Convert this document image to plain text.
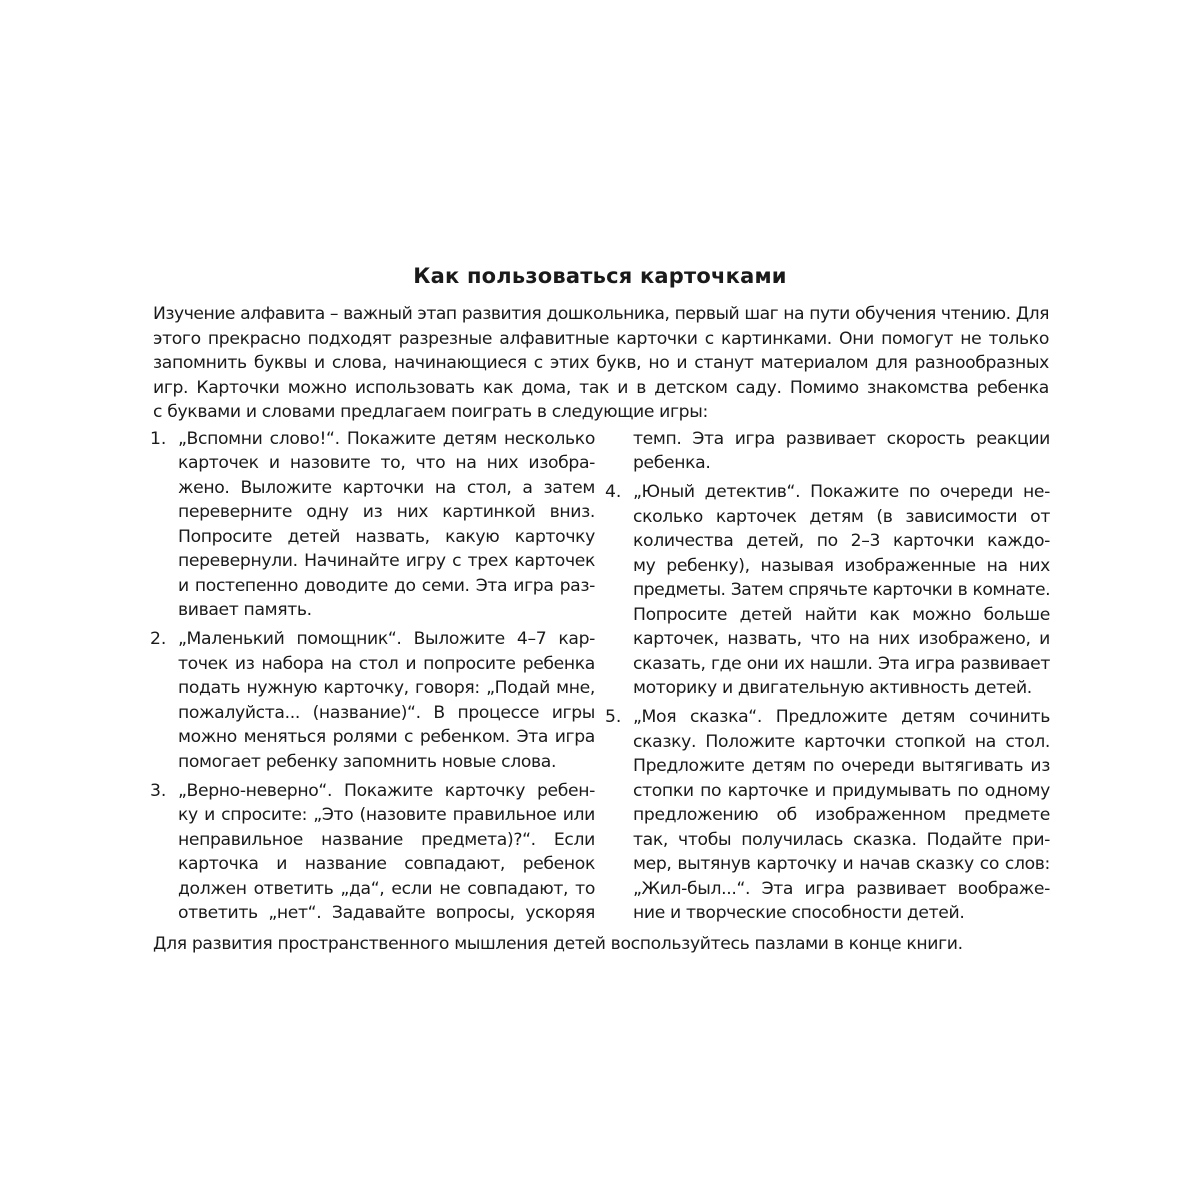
Как пользоваться карточками
Изучение алфавита – важный этап развития дошкольника, первый шаг на пути обучения чтению. Для
этого прекрасно подходят разрезные алфавитные карточки с картинками. Они помогут не только
запомнить буквы и слова, начинающиеся с этих букв, но и станут материалом для разнообразных
игр. Карточки можно использовать как дома, так и в детском саду. Помимо знакомства ребенка
с буквами и словами предлагаем поиграть в следующие игры:
1. „Вспомни слово!“. Покажите детям несколько
карточек и назовите то, что на них изобра-
жено. Выложите карточки на стол, а затем
переверните одну из них картинкой вниз.
Попросите детей назвать, какую карточку
перевернули. Начинайте игру с трех карточек
и постепенно доводите до семи. Эта игра раз-
вивает память.
2. „Маленький помощник“. Выложите 4–7 кар-
точек из набора на стол и попросите ребенка
подать нужную карточку, говоря: „Подай мне,
пожалуйста... (название)“. В процессе игры
можно меняться ролями с ребенком. Эта игра
помогает ребенку запомнить новые слова.
3. „Верно-неверно“. Покажите карточку ребен-
ку и спросите: „Это (назовите правильное или
неправильное название предмета)?“. Если
карточка и название совпадают, ребенок
должен ответить „да“, если не совпадают, то
ответить „нет“. Задавайте вопросы, ускоряя
темп. Эта игра развивает скорость реакции
ребенка.
4. „Юный детектив“. Покажите по очереди не-
сколько карточек детям (в зависимости от
количества детей, по 2–3 карточки каждо-
му ребенку), называя изображенные на них
предметы. Затем спрячьте карточки в комнате.
Попросите детей найти как можно больше
карточек, назвать, что на них изображено, и
сказать, где они их нашли. Эта игра развивает
моторику и двигательную активность детей.
5. „Моя сказка“. Предложите детям сочинить
сказку. Положите карточки стопкой на стол.
Предложите детям по очереди вытягивать из
стопки по карточке и придумывать по одному
предложению об изображенном предмете
так, чтобы получилась сказка. Подайте при-
мер, вытянув карточку и начав сказку со слов:
„Жил-был...“. Эта игра развивает воображе-
ние и творческие способности детей.
Для развития пространственного мышления детей воспользуйтесь пазлами в конце книги.
